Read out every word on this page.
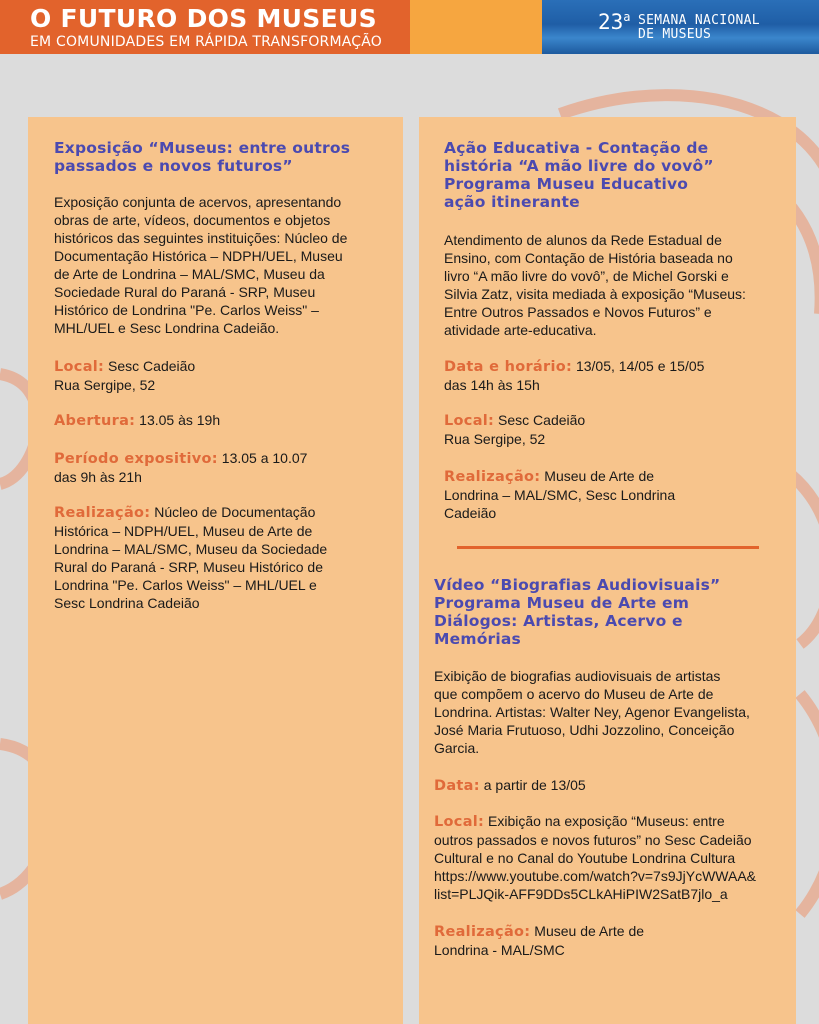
O FUTURO DOS MUSEUS
EM COMUNIDADES EM RÁPIDA TRANSFORMAÇÃO
23$^a$ SEMANA NACIONAL
DE MUSEUS
Exposição “Museus: entre outros
passados e novos futuros”
Exposição conjunta de acervos, apresentando
obras de arte, vídeos, documentos e objetos
históricos das seguintes instituições: Núcleo de
Documentação Histórica – NDPH/UEL, Museu
de Arte de Londrina – MAL/SMC, Museu da
Sociedade Rural do Paraná - SRP, Museu
Histórico de Londrina "Pe. Carlos Weiss" –
MHL/UEL e Sesc Londrina Cadeião.
Local: Sesc Cadeião
Rua Sergipe, 52
Abertura: 13.05 às 19h
Período expositivo: 13.05 a 10.07
das 9h às 21h
Realização: Núcleo de Documentação
Histórica – NDPH/UEL, Museu de Arte de
Londrina – MAL/SMC, Museu da Sociedade
Rural do Paraná - SRP, Museu Histórico de
Londrina "Pe. Carlos Weiss" – MHL/UEL e
Sesc Londrina Cadeião
Ação Educativa - Contação de
história “A mão livre do vovô”
Programa Museu Educativo
ação itinerante
Atendimento de alunos da Rede Estadual de
Ensino, com Contação de História baseada no
livro “A mão livre do vovô”, de Michel Gorski e
Silvia Zatz, visita mediada à exposição “Museus:
Entre Outros Passados e Novos Futuros” e
atividade arte-educativa.
Data e horário: 13/05, 14/05 e 15/05
das 14h às 15h
Local: Sesc Cadeião
Rua Sergipe, 52
Realização: Museu de Arte de
Londrina – MAL/SMC, Sesc Londrina
Cadeião
Vídeo “Biografias Audiovisuais”
Programa Museu de Arte em
Diálogos: Artistas, Acervo e
Memórias
Exibição de biografias audiovisuais de artistas
que compõem o acervo do Museu de Arte de
Londrina. Artistas: Walter Ney, Agenor Evangelista,
José Maria Frutuoso, Udhi Jozzolino, Conceição
Garcia.
Data: a partir de 13/05
Local: Exibição na exposição “Museus: entre
outros passados e novos futuros” no Sesc Cadeião
Cultural e no Canal do Youtube Londrina Cultura
https://www.youtube.com/watch?v=7s9JjYcWWAA&
list=PLJQik-AFF9DDs5CLkAHiPIW2SatB7jlo_a
Realização: Museu de Arte de
Londrina - MAL/SMC
